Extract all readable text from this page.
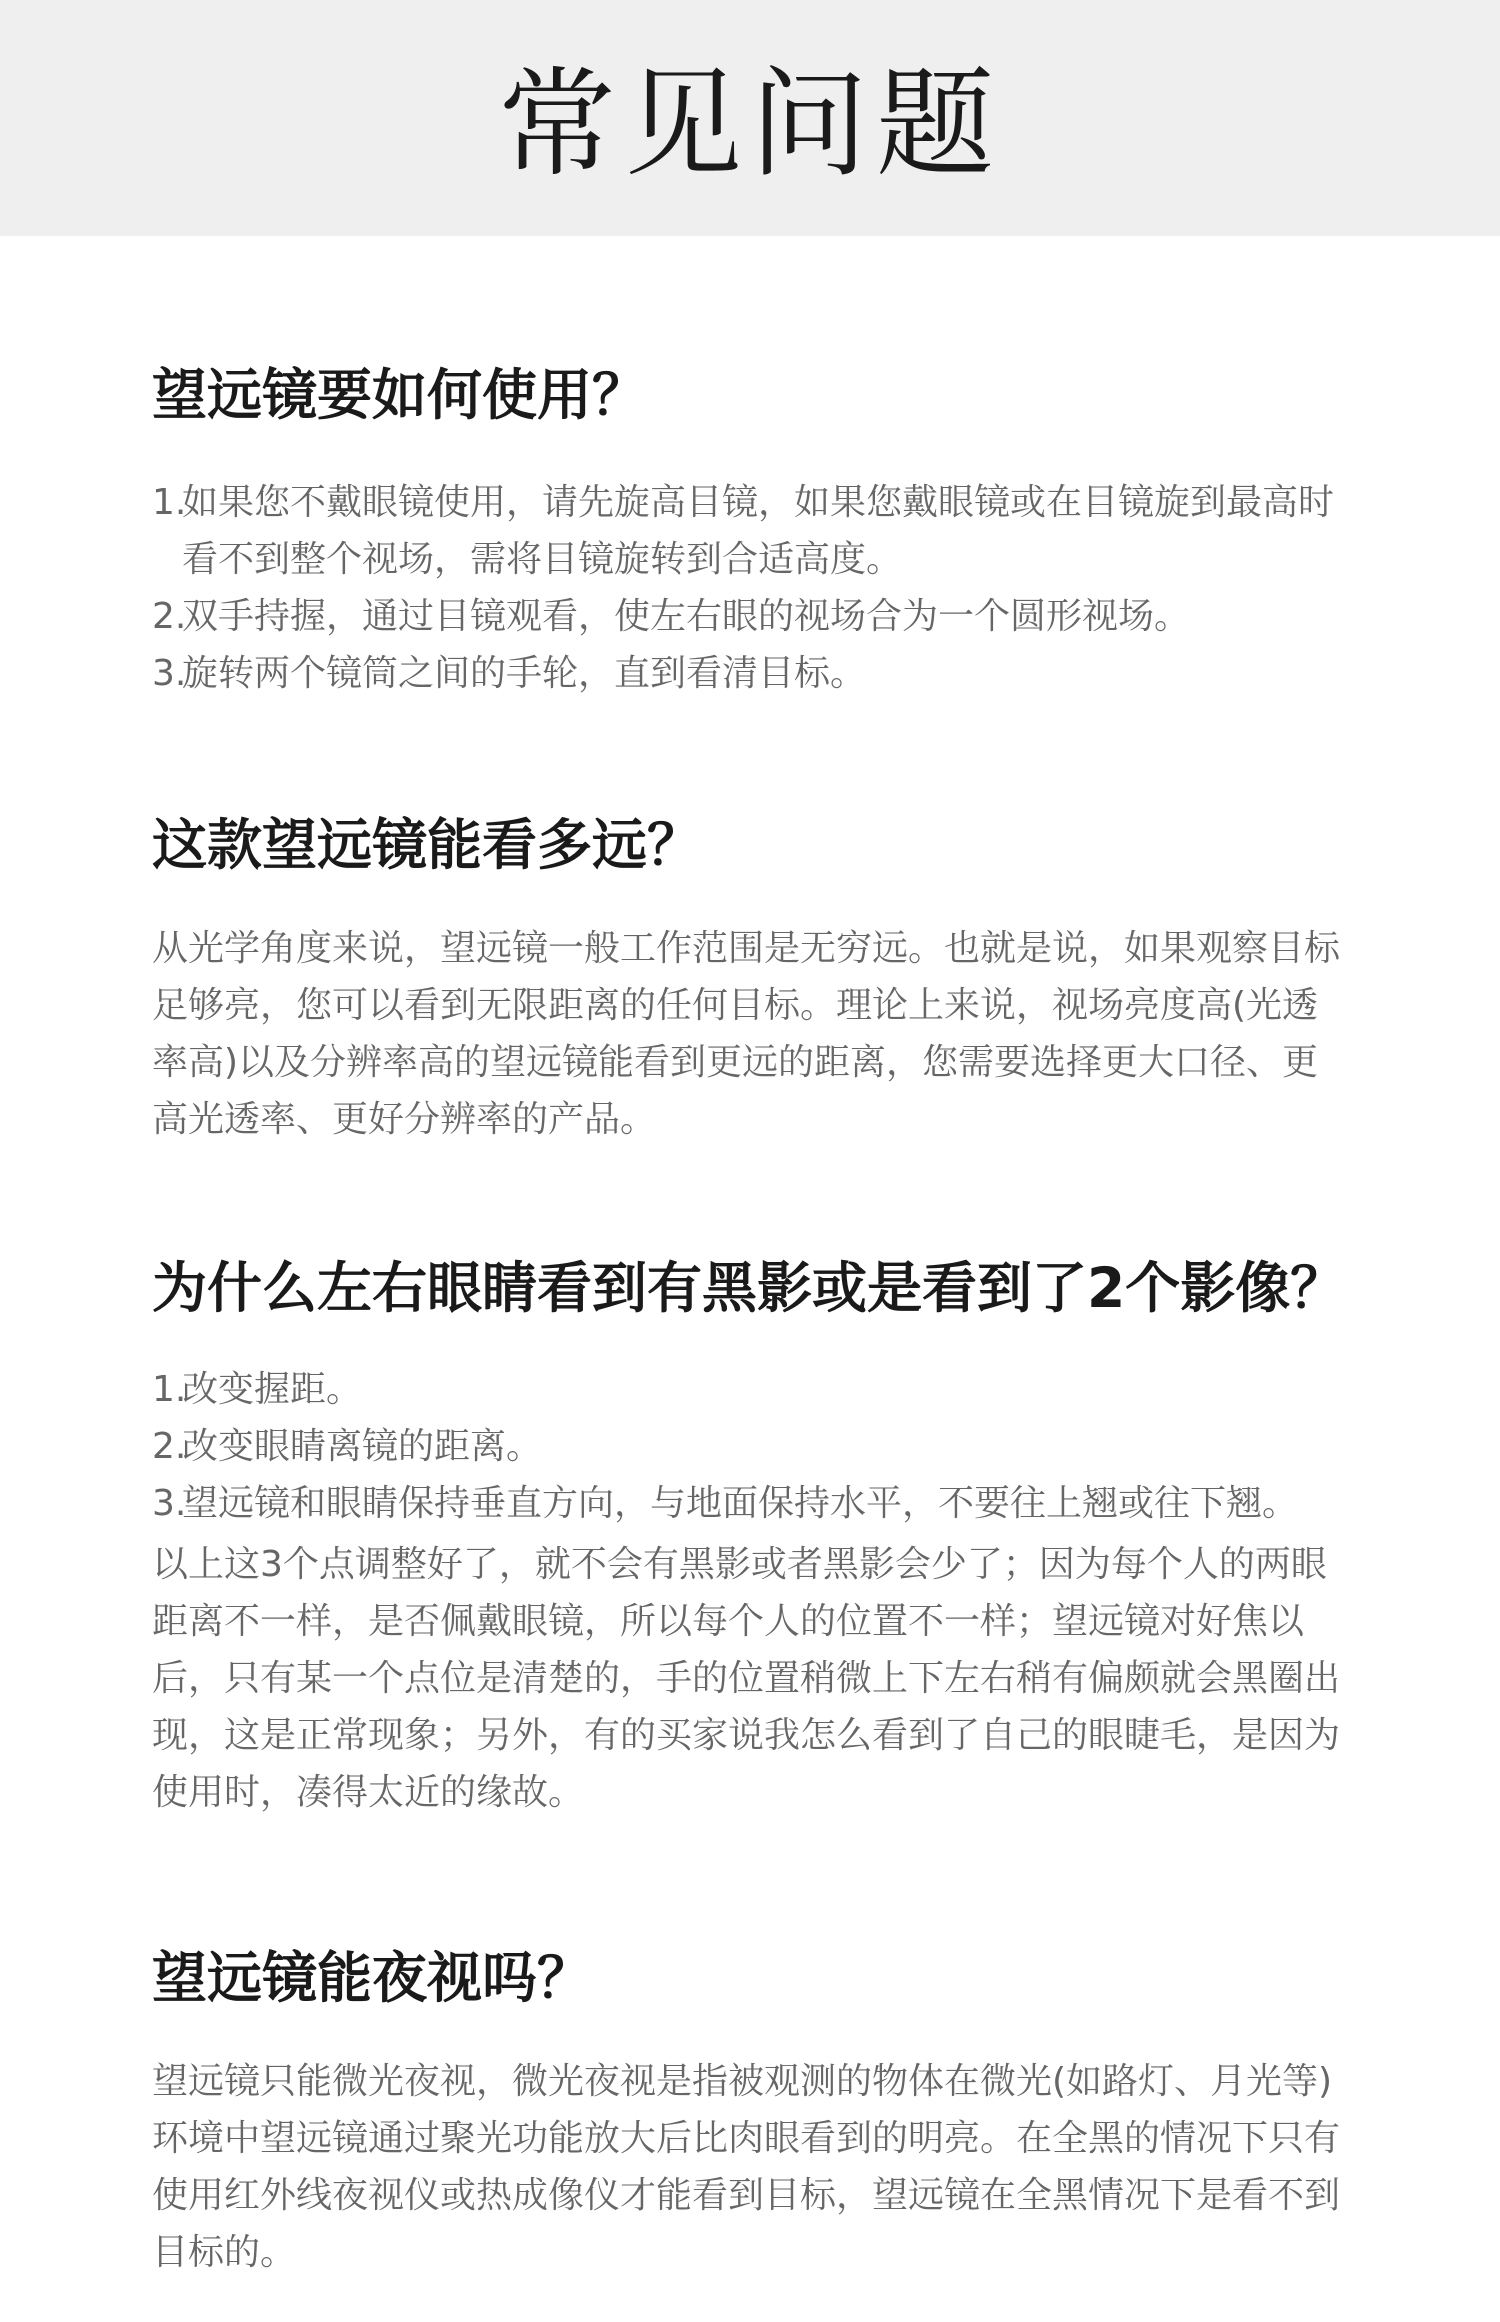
常见问题
望远镜要如何使用？
1.
如果您不戴眼镜使用，请先旋高目镜，如果您戴眼镜或在目镜旋到最高时看不到整个视场，需将目镜旋转到合适高度。
2.
双手持握，通过目镜观看，使左右眼的视场合为一个圆形视场。
3.
旋转两个镜筒之间的手轮，直到看清目标。
这款望远镜能看多远？

从光学角度来说，望远镜一般工作范围是无穷远。也就是说，如果观察目标足够亮，您可以看到无限距离的任何目标。理论上来说，视场亮度高(光透率高)以及分辨率高的望远镜能看到更远的距离，您需要选择更大口径、更高光透率、更好分辨率的产品。

为什么左右眼睛看到有黑影或是看到了2个影像？
1.
改变握距。
2.
改变眼睛离镜的距离。
3.
望远镜和眼睛保持垂直方向，与地面保持水平，不要往上翘或往下翘。

以上这3个点调整好了，就不会有黑影或者黑影会少了；因为每个人的两眼距离不一样，是否佩戴眼镜，所以每个人的位置不一样；望远镜对好焦以后，只有某一个点位是清楚的，手的位置稍微上下左右稍有偏颇就会黑圈出现，这是正常现象；另外，有的买家说我怎么看到了自己的眼睫毛，是因为使用时，凑得太近的缘故。

望远镜能夜视吗？

望远镜只能微光夜视，微光夜视是指被观测的物体在微光(如路灯、月光等)环境中望远镜通过聚光功能放大后比肉眼看到的明亮。在全黑的情况下只有使用红外线夜视仪或热成像仪才能看到目标，望远镜在全黑情况下是看不到目标的。
